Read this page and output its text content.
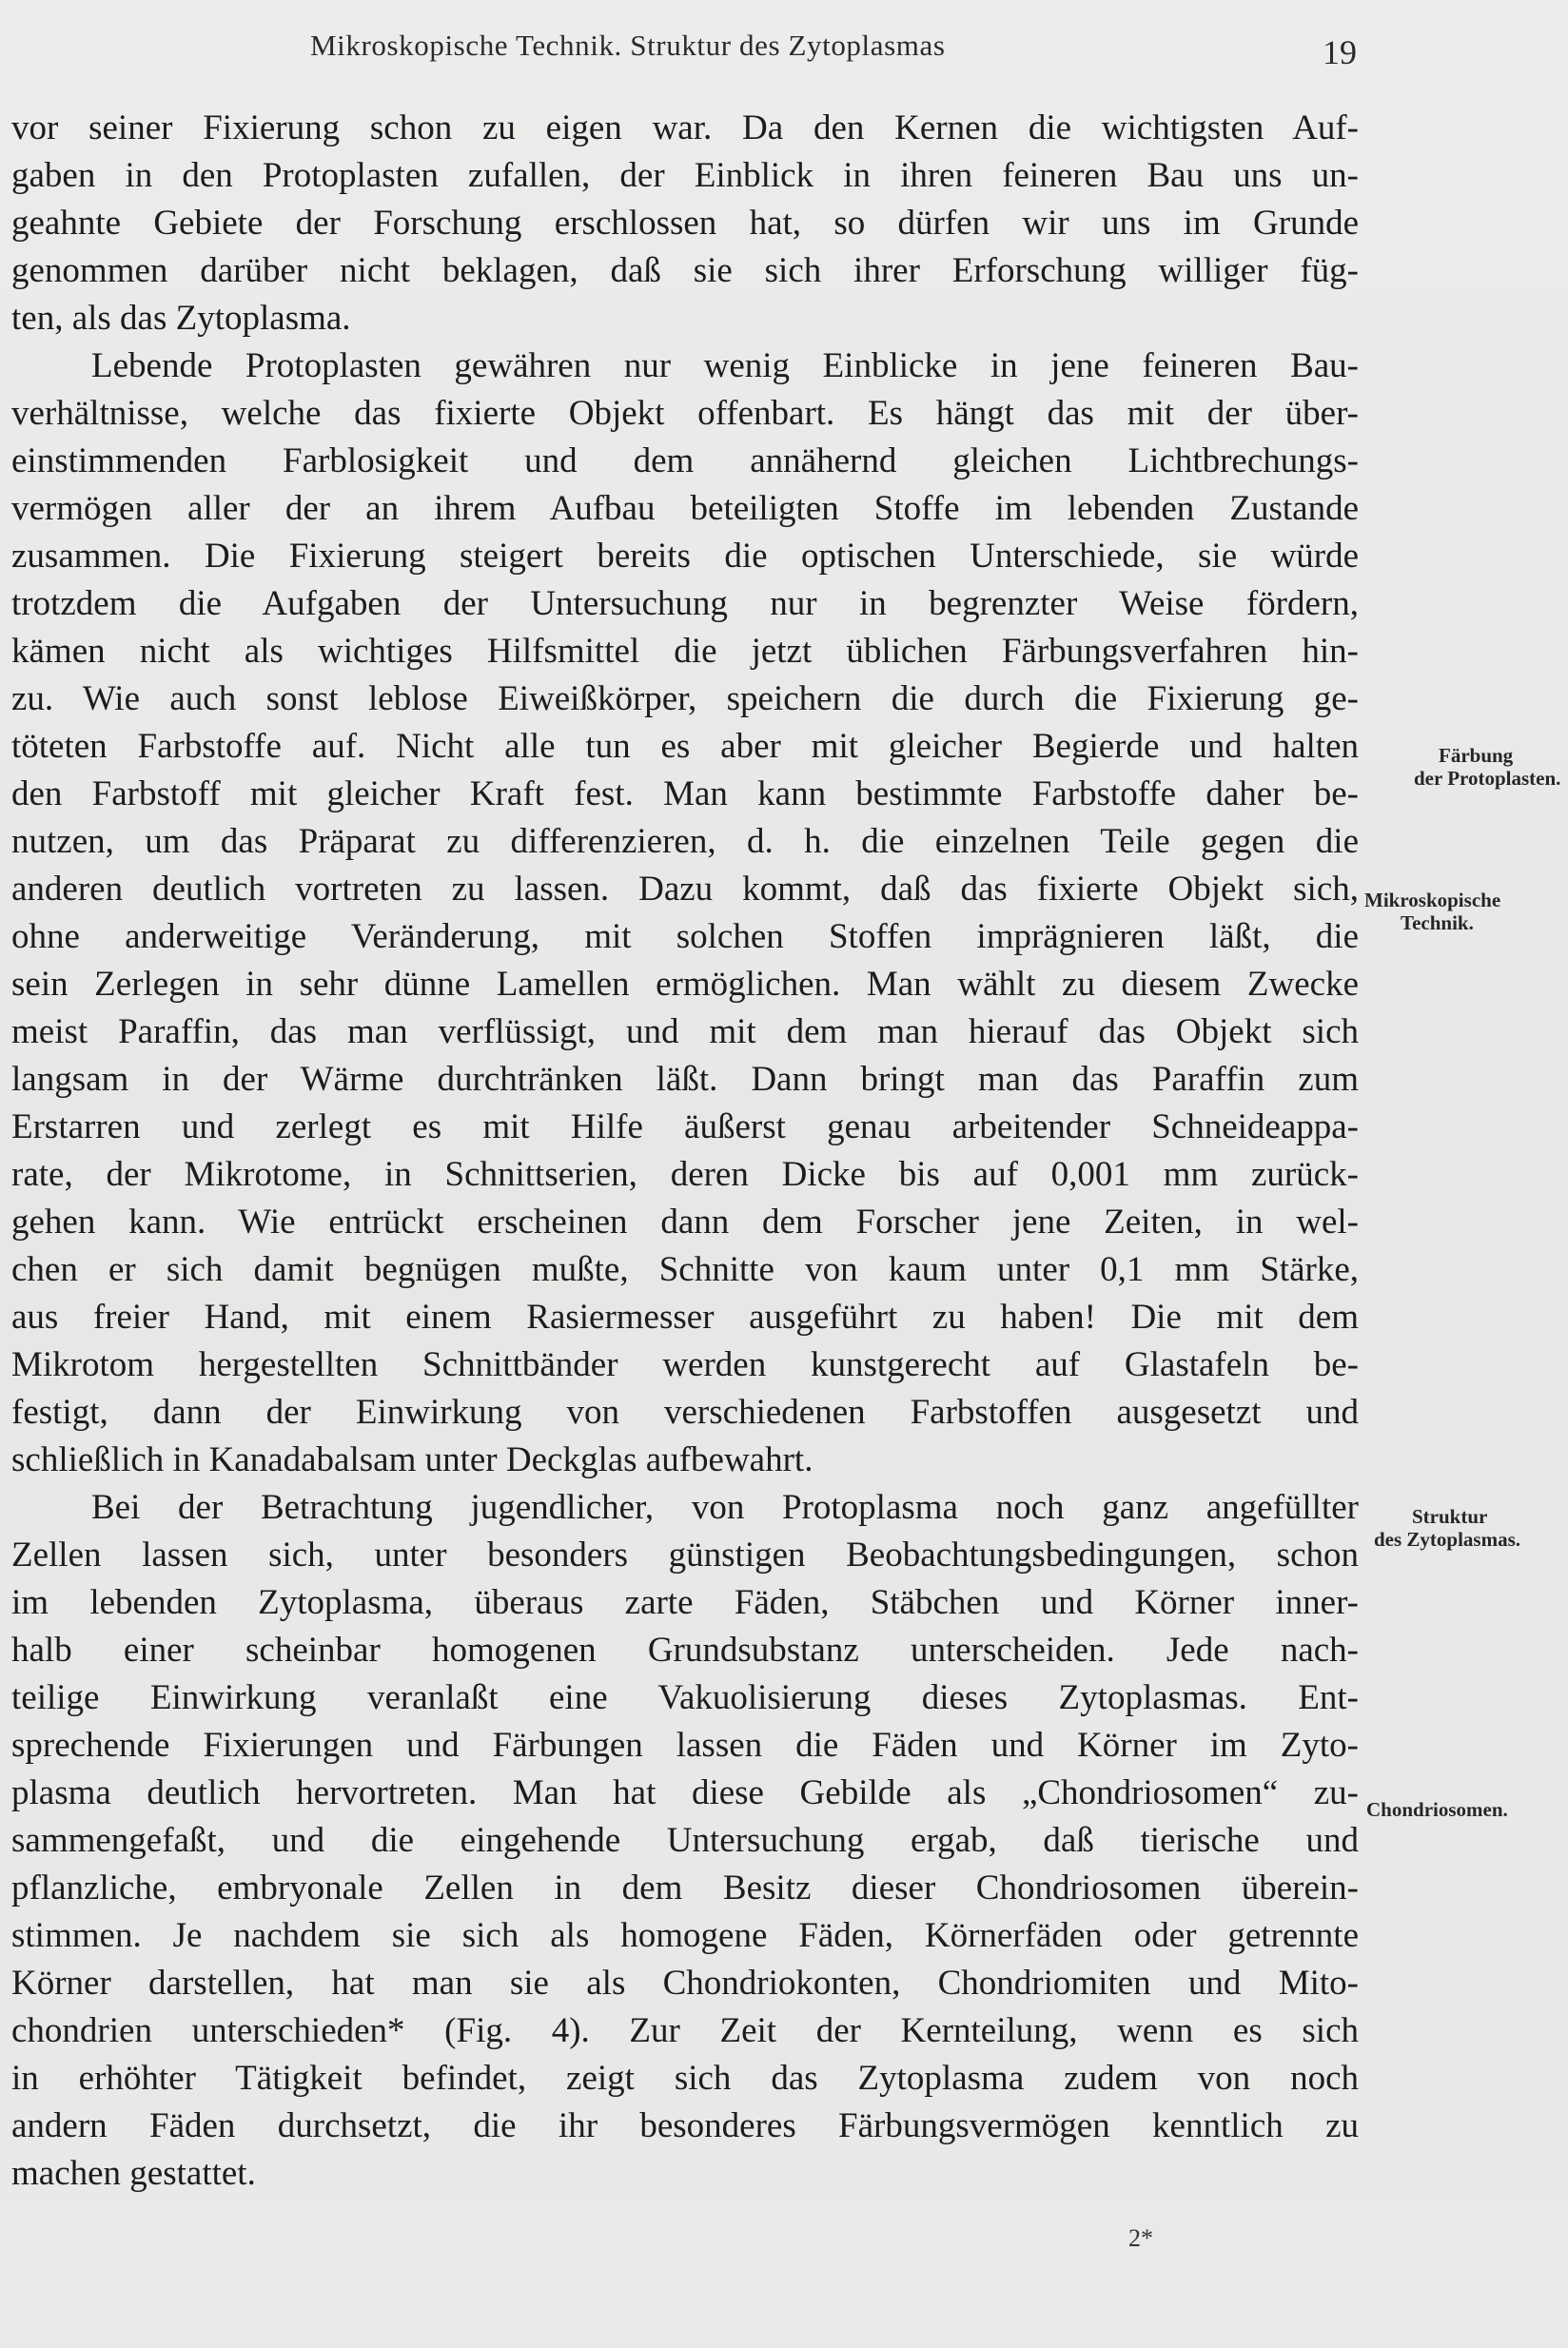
Mikroskopische Technik. Struktur des Zytoplasmas	19
vor seiner Fixierung schon zu eigen war. Da den Kernen die wichtigsten Auf-
gaben in den Protoplasten zufallen, der Einblick in ihren feineren Bau uns un-
geahnte Gebiete der Forschung erschlossen hat, so dürfen wir uns im Grunde
genommen darüber nicht beklagen, daß sie sich ihrer Erforschung williger füg-
ten, als das Zytoplasma.
Lebende Protoplasten gewähren nur wenig Einblicke in jene feineren Bau-
verhältnisse, welche das fixierte Objekt offenbart. Es hängt das mit der über-
einstimmenden Farblosigkeit und dem annähernd gleichen Lichtbrechungs-
vermögen aller der an ihrem Aufbau beteiligten Stoffe im lebenden Zustande
zusammen. Die Fixierung steigert bereits die optischen Unterschiede, sie würde
trotzdem die Aufgaben der Untersuchung nur in begrenzter Weise fördern,
kämen nicht als wichtiges Hilfsmittel die jetzt üblichen Färbungsverfahren hin-
zu. Wie auch sonst leblose Eiweißkörper, speichern die durch die Fixierung ge-
töteten Farbstoffe auf. Nicht alle tun es aber mit gleicher Begierde und halten
den Farbstoff mit gleicher Kraft fest. Man kann bestimmte Farbstoffe daher be-
nutzen, um das Präparat zu differenzieren, d. h. die einzelnen Teile gegen die
anderen deutlich vortreten zu lassen. Dazu kommt, daß das fixierte Objekt sich,
ohne anderweitige Veränderung, mit solchen Stoffen imprägnieren läßt, die
sein Zerlegen in sehr dünne Lamellen ermöglichen. Man wählt zu diesem Zwecke
meist Paraffin, das man verflüssigt, und mit dem man hierauf das Objekt sich
langsam in der Wärme durchtränken läßt. Dann bringt man das Paraffin zum
Erstarren und zerlegt es mit Hilfe äußerst genau arbeitender Schneideappa-
rate, der Mikrotome, in Schnittserien, deren Dicke bis auf 0,001 mm zurück-
gehen kann. Wie entrückt erscheinen dann dem Forscher jene Zeiten, in wel-
chen er sich damit begnügen mußte, Schnitte von kaum unter 0,1 mm Stärke,
aus freier Hand, mit einem Rasiermesser ausgeführt zu haben! Die mit dem
Mikrotom hergestellten Schnittbänder werden kunstgerecht auf Glastafeln be-
festigt, dann der Einwirkung von verschiedenen Farbstoffen ausgesetzt und
schließlich in Kanadabalsam unter Deckglas aufbewahrt.
Bei der Betrachtung jugendlicher, von Protoplasma noch ganz angefüllter
Zellen lassen sich, unter besonders günstigen Beobachtungsbedingungen, schon
im lebenden Zytoplasma, überaus zarte Fäden, Stäbchen und Körner inner-
halb einer scheinbar homogenen Grundsubstanz unterscheiden. Jede nach-
teilige Einwirkung veranlaßt eine Vakuolisierung dieses Zytoplasmas. Ent-
sprechende Fixierungen und Färbungen lassen die Fäden und Körner im Zyto-
plasma deutlich hervortreten. Man hat diese Gebilde als „Chondriosomen“ zu-
sammengefaßt, und die eingehende Untersuchung ergab, daß tierische und
pflanzliche, embryonale Zellen in dem Besitz dieser Chondriosomen überein-
stimmen. Je nachdem sie sich als homogene Fäden, Körnerfäden oder getrennte
Körner darstellen, hat man sie als Chondriokonten, Chondriomiten und Mito-
chondrien unterschieden* (Fig. 4). Zur Zeit der Kernteilung, wenn es sich
in erhöhter Tätigkeit befindet, zeigt sich das Zytoplasma zudem von noch
andern Fäden durchsetzt, die ihr besonderes Färbungsvermögen kenntlich zu
machen gestattet.
Färbung
der Protoplasten.
Mikroskopische
Technik.
Struktur
des Zytoplasmas.
Chondriosomen.
2*
